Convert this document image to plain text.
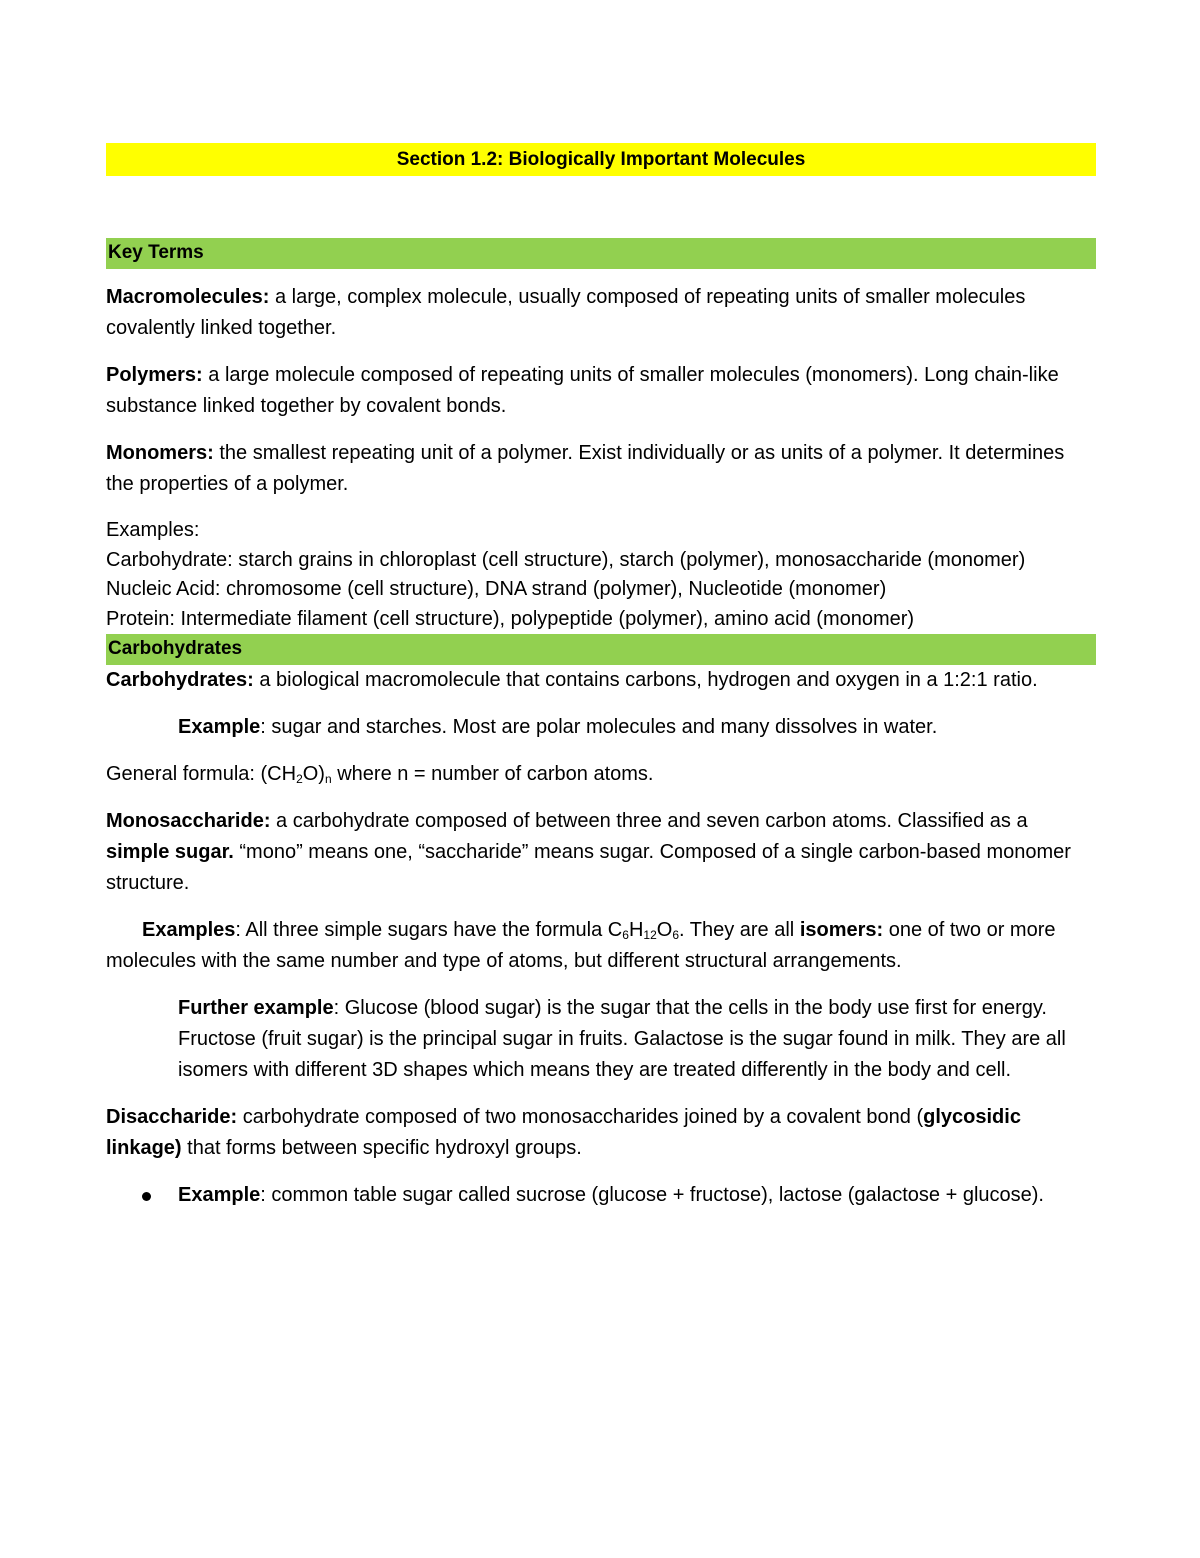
Section 1.2: Biologically Important Molecules
Key Terms

Macromolecules: a large, complex molecule, usually composed of repeating units of smaller molecules covalently linked together.

Polymers: a large molecule composed of repeating units of smaller molecules (monomers). Long chain-like substance linked together by covalent bonds.

Monomers: the smallest repeating unit of a polymer. Exist individually or as units of a polymer. It determines the properties of a polymer.

Examples:

Carbohydrate: starch grains in chloroplast (cell structure), starch (polymer), monosaccharide (monomer)

Nucleic Acid: chromosome (cell structure), DNA strand (polymer), Nucleotide (monomer)

Protein: Intermediate filament (cell structure), polypeptide (polymer), amino acid (monomer)

Carbohydrates

Carbohydrates: a biological macromolecule that contains carbons, hydrogen and oxygen in a 1:2:1 ratio.

Example: sugar and starches. Most are polar molecules and many dissolves in water.

General formula: $(CH_2O)_n$ where n = number of carbon atoms.

Monosaccharide: a carbohydrate composed of between three and seven carbon atoms. Classified as a simple sugar. “mono” means one, “saccharide” means sugar. Composed of a single carbon-based monomer structure.

Examples: All three simple sugars have the formula $C_6H_{12}O_6$. They are all isomers: one of two or more molecules with the same number and type of atoms, but different structural arrangements.

Further example: Glucose (blood sugar) is the sugar that the cells in the body use first for energy. Fructose (fruit sugar) is the principal sugar in fruits. Galactose is the sugar found in milk. They are all isomers with different 3D shapes which means they are treated differently in the body and cell.

Disaccharide: carbohydrate composed of two monosaccharides joined by a covalent bond (glycosidic linkage) that forms between specific hydroxyl groups.

Example: common table sugar called sucrose (glucose + fructose), lactose (galactose + glucose).
